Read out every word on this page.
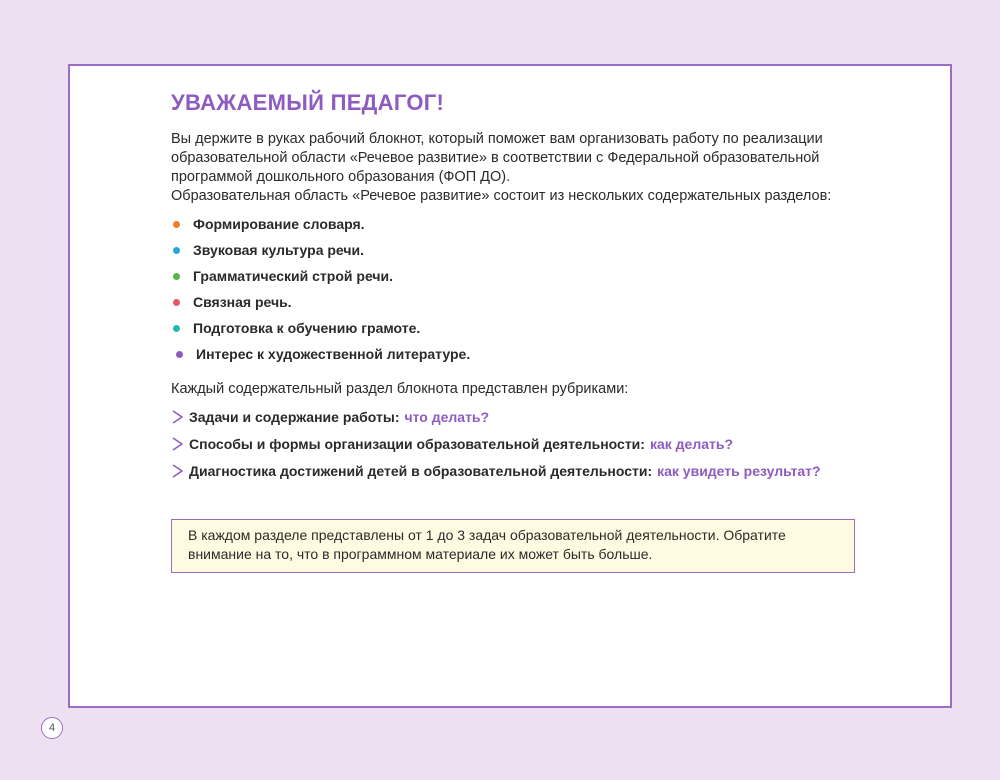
УВАЖАЕМЫЙ ПЕДАГОГ!

Вы держите в руках рабочий блокнот, который поможет вам организовать работу по реализации образовательной области «Речевое развитие» в соответствии с Федеральной образовательной программой дошкольного образования (ФОП ДО).

Образовательная область «Речевое развитие» состоит из нескольких содержательных разделов:

Формирование словаря.
Звуковая культура речи.
Грамматический строй речи.
Связная речь.
Подготовка к обучению грамоте.
Интерес к художественной литературе.
Каждый содержательный раздел блокнота представлен рубриками:
Задачи и содержание работы: что делать?
Способы и формы организации образовательной деятельности: как делать?
Диагностика достижений детей в образовательной деятельности: как увидеть результат?
В каждом разделе представлены от 1 до 3 задач образовательной деятельности. Обратите внимание на то, что в программном материале их может быть больше.
4
